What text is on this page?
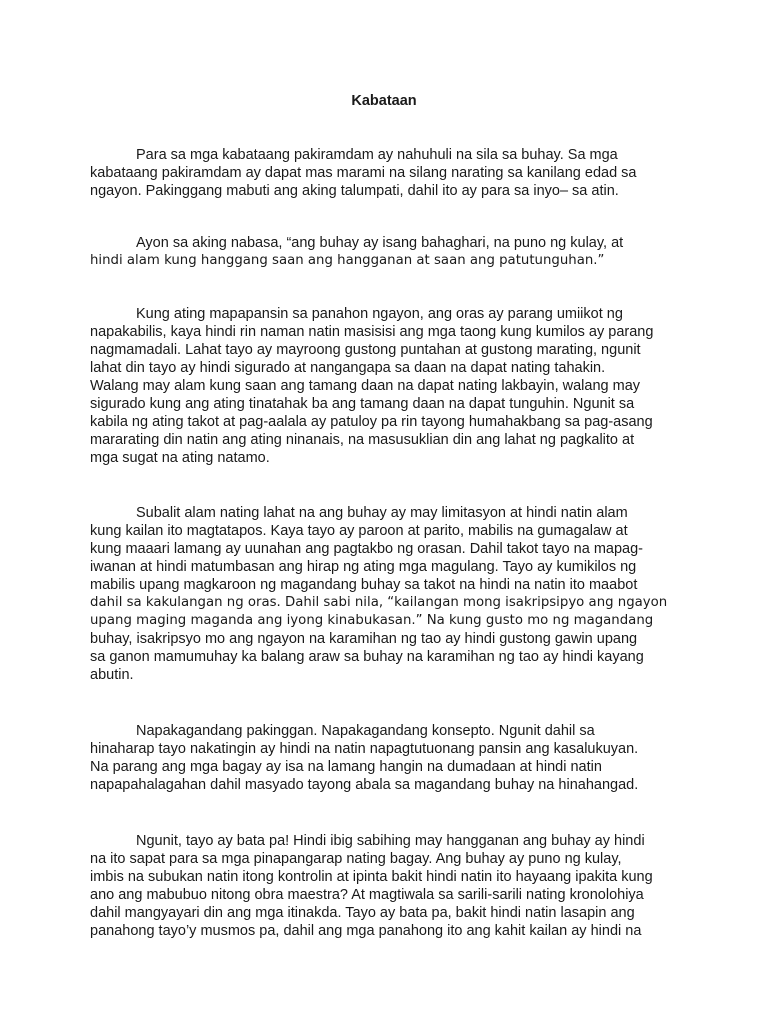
Kabataan
Para sa mga kabataang pakiramdam ay nahuhuli na sila sa buhay. Sa mga
kabataang pakiramdam ay dapat mas marami na silang narating sa kanilang edad sa
ngayon. Pakinggang mabuti ang aking talumpati, dahil ito ay para sa inyo– sa atin.
Ayon sa aking nabasa, “ang buhay ay isang bahaghari, na puno ng kulay, at
hindi alam kung hanggang saan ang hangganan at saan ang patutunguhan.”
Kung ating mapapansin sa panahon ngayon, ang oras ay parang umiikot ng
napakabilis, kaya hindi rin naman natin masisisi ang mga taong kung kumilos ay parang
nagmamadali. Lahat tayo ay mayroong gustong puntahan at gustong marating, ngunit
lahat din tayo ay hindi sigurado at nangangapa sa daan na dapat nating tahakin.
Walang may alam kung saan ang tamang daan na dapat nating lakbayin, walang may
sigurado kung ang ating tinatahak ba ang tamang daan na dapat tunguhin. Ngunit sa
kabila ng ating takot at pag-aalala ay patuloy pa rin tayong humahakbang sa pag-asang
mararating din natin ang ating ninanais, na masusuklian din ang lahat ng pagkalito at
mga sugat na ating natamo.
Subalit alam nating lahat na ang buhay ay may limitasyon at hindi natin alam
kung kailan ito magtatapos. Kaya tayo ay paroon at parito, mabilis na gumagalaw at
kung maaari lamang ay uunahan ang pagtakbo ng orasan. Dahil takot tayo na mapag-
iwanan at hindi matumbasan ang hirap ng ating mga magulang. Tayo ay kumikilos ng
mabilis upang magkaroon ng magandang buhay sa takot na hindi na natin ito maabot
dahil sa kakulangan ng oras. Dahil sabi nila, “kailangan mong isakripsipyo ang ngayon
upang maging maganda ang iyong kinabukasan.” Na kung gusto mo ng magandang
buhay, isakripsyo mo ang ngayon na karamihan ng tao ay hindi gustong gawin upang
sa ganon mamumuhay ka balang araw sa buhay na karamihan ng tao ay hindi kayang
abutin.
Napakagandang pakinggan. Napakagandang konsepto. Ngunit dahil sa
hinaharap tayo nakatingin ay hindi na natin napagtutuonang pansin ang kasalukuyan.
Na parang ang mga bagay ay isa na lamang hangin na dumadaan at hindi natin
napapahalagahan dahil masyado tayong abala sa magandang buhay na hinahangad.
Ngunit, tayo ay bata pa! Hindi ibig sabihing may hangganan ang buhay ay hindi
na ito sapat para sa mga pinapangarap nating bagay. Ang buhay ay puno ng kulay,
imbis na subukan natin itong kontrolin at ipinta bakit hindi natin ito hayaang ipakita kung
ano ang mabubuo nitong obra maestra? At magtiwala sa sarili-sarili nating kronolohiya
dahil mangyayari din ang mga itinakda. Tayo ay bata pa, bakit hindi natin lasapin ang
panahong tayo’y musmos pa, dahil ang mga panahong ito ang kahit kailan ay hindi na
